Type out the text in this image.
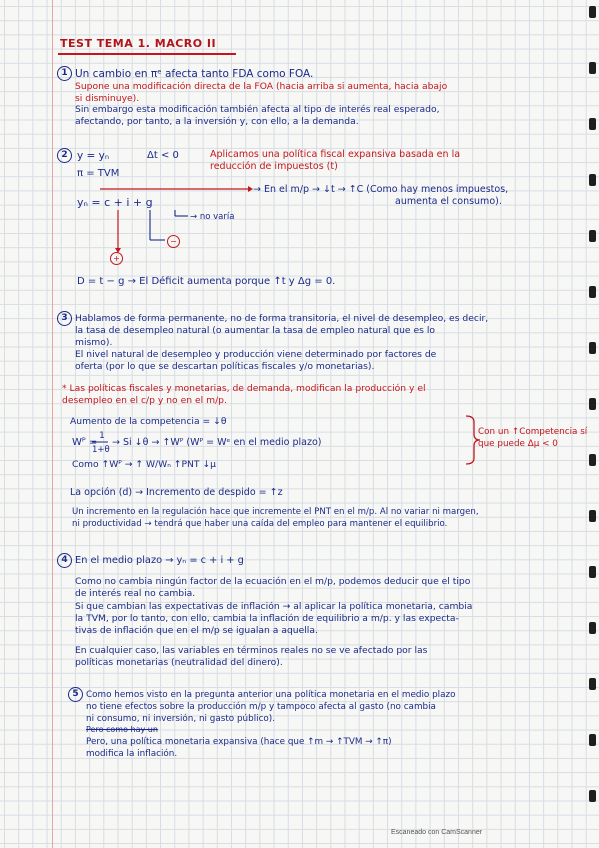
TEST TEMA 1. MACRO II
1 Un cambio en πᵉ afecta tanto FDA como FOA.
Supone una modificación directa de la FOA (hacia arriba si aumenta, hacia abajo
si disminuye).
Sin embargo esta modificación también afecta al tipo de interés real esperado,
afectando, por tanto, a la inversión y, con ello, a la demanda.
2 y = yₙ	Δt < 0	Aplicamos una política fiscal expansiva basada en la
reducción de impuestos (t)
π = TVM
→ En el m/p → ↓t → ↑C (Como hay menos impuestos,
aumenta el consumo).
yₙ = c + i + g
→ no varía
−
+
D = t − g → El Déficit aumenta porque ↑t y Δg = 0.
3 Hablamos de forma permanente, no de forma transitoria, el nivel de desempleo, es decir,
la tasa de desempleo natural (o aumentar la tasa de empleo natural que es lo
mismo).
El nivel natural de desempleo y producción viene determinado por factores de
oferta (por lo que se descartan políticas fiscales y/o monetarias).
* Las políticas fiscales y monetarias, de demanda, modifican la producción y el
desempleo en el c/p y no en el m/p.
Aumento de la competencia = ↓θ
Wᴾ =
1
1+θ
→ Si ↓θ → ↑Wᴾ (Wᴾ = Wᵉ en el medio plazo)
Como ↑Wᴾ → ↑ W/Wₙ ↑PNT ↓μ
Con un ↑Competencia sí
que puede Δμ < 0
La opción (d) → Incremento de despido = ↑z
Un incremento en la regulación hace que incremente el PNT en el m/p. Al no variar ni margen,
ni productividad → tendrá que haber una caída del empleo para mantener el equilibrio.
4 En el medio plazo → yₙ = c + i + g
Como no cambia ningún factor de la ecuación en el m/p, podemos deducir que el tipo
de interés real no cambia.
Si que cambian las expectativas de inflación → al aplicar la política monetaria, cambia
la TVM, por lo tanto, con ello, cambia la inflación de equilibrio a m/p. y las expecta-
tivas de inflación que en el m/p se igualan a aquella.
En cualquier caso, las variables en términos reales no se ve afectado por las
políticas monetarias (neutralidad del dinero).
5 Como hemos visto en la pregunta anterior una política monetaria en el medio plazo
no tiene efectos sobre la producción m/p y tampoco afecta al gasto (no cambia
ni consumo, ni inversión, ni gasto público).
Pero como hay un
Pero, una política monetaria expansiva (hace que ↑m → ↑TVM → ↑π)
modifica la inflación.
Escaneado con CamScanner
